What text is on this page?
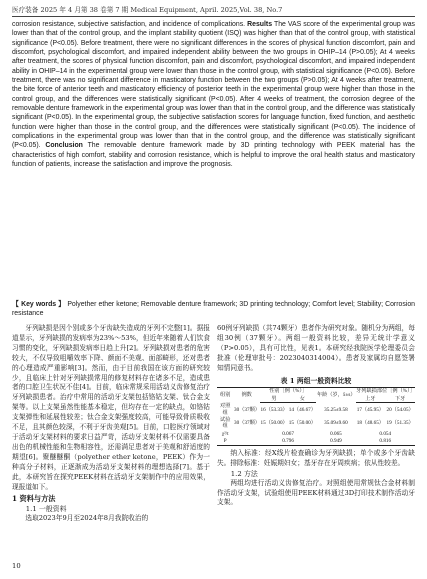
医疗装备 2025 年 4 月第 38 卷第 7 期 Medical Equipment, April. 2025,Vol. 38, No.7

corrosion resistance, subjective satisfaction, and incidence of complications. Results The VAS score of the experimental group was lower than that of the control group, and the implant stability quotient (ISQ) was higher than that of the control group, with statistical significance (P<0.05). Before treatment, there were no significant differences in the scores of physical function discomfort, pain and discomfort, psychological discomfort, and impaired independent ability between the two groups in OHIP–14 (P>0.05); At 4 weeks after treatment, the scores of physical function discomfort, pain and discomfort, psychological discomfort, and impaired independent ability in OHIP–14 in the experimental group were lower than those in the control group, with statistical significance (P<0.05). Before treatment, there was no significant difference in masticatory function between the two groups (P>0.05); At 4 weeks after treatment, the bite force of anterior teeth and masticatory efficiency of posterior teeth in the experimental group were higher than those in the control group, and the differences were statistically significant (P<0.05). After 4 weeks of treatment, the corrosion degree of the removable denture framework in the experimental group was lower than that in the control group, and the difference was statistically significant (P<0.05). In the experimental group, the subjective satisfaction scores for language function, fixed function, and aesthetic function were higher than those in the control group, and the differences were statistically significant (P<0.05). The incidence of complications in the experimental group was lower than that in the control group, and the difference was statistically significant (P<0.05). Conclusion The removable denture framework made by 3D printing technology with PEEK material has the characteristics of high comfort, stability and corrosion resistance, which is helpful to improve the oral health status and masticatory function of patients, increase the satisfaction and improve the prognosis.

【 Key words 】 Polyether ether ketone; Removable denture framework; 3D printing technology; Comfort level; Stability; Corrosion resistance

牙列缺损是因个别或多个牙齿缺失造成的牙列不完整[1]。据报道显示，牙列缺损的发病率为23%～53%，但近年来随着人们饮食习惯的变化，牙列缺损发病率日趋上升[2]。牙列缺损对患者的危害较大，不仅导致咀嚼效率下降、颜面不美观、面部畸形，还对患者的心理造成严重影响[3]。然而，由于目前我国在该方面的研究较少，且临床上针对牙列缺损常用的修复材料存在诸多不足，造成患者的口腔卫生状况不佳[4]。目前，临床常规采用活动义齿修复治疗牙列缺损患者。治疗中常用的活动牙支架包括铬钴支架、钛合金支架等。以上支架虽然性能基本稳定，但均存在一定的缺点，如铬钴支架弹性和延展性较差；钛合金支架强度较高，可能导致骨质吸收不足，且其颜色较深，不利于牙齿美观[5]。目前，口腔医疗领域对于活动牙支架材料的要求日益严苛，活动牙支架材料不仅需要具备出色的机械性能和生物相容性，还需满足患者对于美观和舒适度的期望[6]。聚醚醚酮（polyether ether ketone，PEEK）作为一种高分子材料，正逐渐成为活动牙支架材料的理想选择[7]。基于此，本研究旨在探究PEEK材料在活动牙支架制作中的应用效果，现报道如下。

1 资料与方法
1.1 一般资料

选取2023年9月至2024年8月我院收治的

60例牙列缺损（共74颗牙）患者作为研究对象。随机分为两组，每组30例（37颗牙）。两组一般资料比较，差异无统计学意义（P>0.05），具有可比性，见表1。本研究经我院医学伦理委员会批准（伦理审批号：2023040314004）。患者及家属均自愿签署知情同意书。

表 1 两组一般资料比较
组别	例数	性别［例（%）］		年龄（岁，x̄±s）	牙列缺损部位［例（%）］	
		男	女		上牙	下牙
对照组	30（37颗）	16（53.33）	14（46.67）	35.25±9.58	17（45.95）	20（54.05）
试验组	30（37颗）	15（50.00）	15（50.00）	35.09±9.60	18（48.65）	19（51.35）
χ²/t		0.067		0.065	0.054	
P		0.796		0.949	0.816	

纳入标准：经X线片检查确诊为牙列缺损；单个或多个牙齿缺失。排除标准：妊娠期妇女；基牙存在牙周疾病；依从性较差。

1.2 方法

两组均进行活动义齿修复治疗。对照组使用常规钛合金材料制作活动牙支架，试验组使用PEEK材料通过3D打印技术制作活动牙支架。

10
